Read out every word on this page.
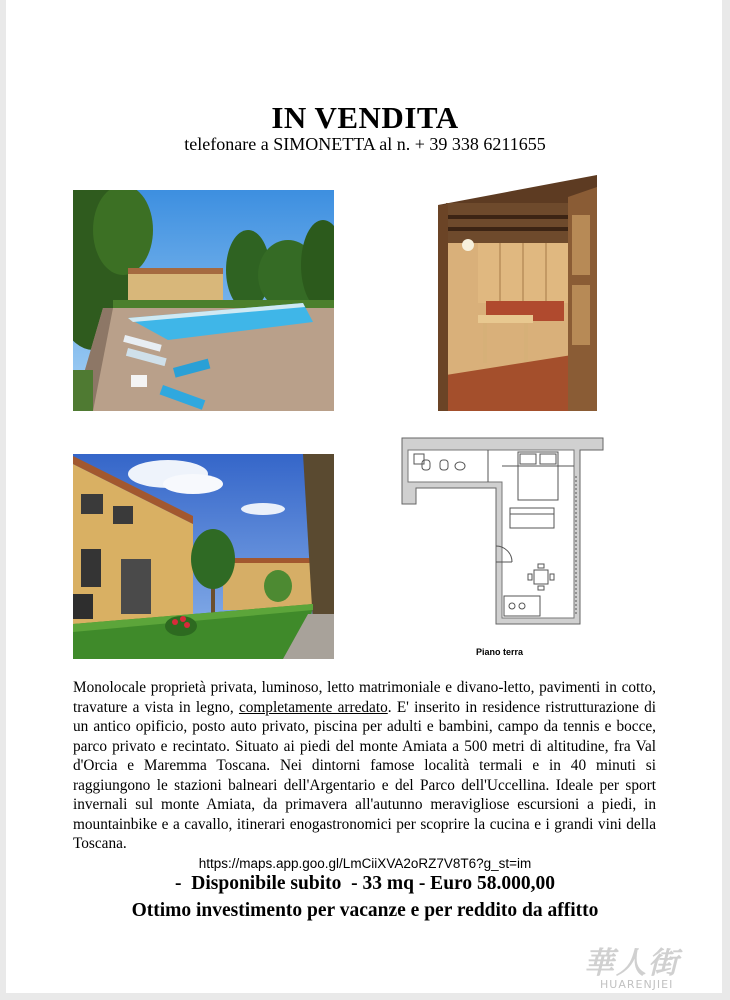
IN VENDITA
telefonare a SIMONETTA al n. + 39 338 6211655
Piano terra
Monolocale proprietà privata, luminoso, letto matrimoniale e divano-letto, pavimenti in cotto, travature a vista in legno, completamente arredato. E' inserito in residence ristrutturazione di un antico opificio, posto auto privato, piscina per adulti e bambini, campo da tennis e bocce, parco privato e recintato. Situato ai piedi del monte Amiata a 500 metri di altitudine, fra Val d'Orcia e Maremma Toscana. Nei dintorni famose località termali e in 40 minuti si raggiungono le stazioni balneari dell'Argentario e del Parco dell'Uccellina. Ideale per sport invernali sul monte Amiata, da primavera all'autunno meravigliose escursioni a piedi, in mountainbike e a cavallo, itinerari enogastronomici per scoprire la cucina e i grandi vini della Toscana.
https://maps.app.goo.gl/LmCiiXVA2oRZ7V8T6?g_st=im
-  Disponibile subito  - 33 mq - Euro 58.000,00
Ottimo investimento per vacanze e per reddito da affitto
華人街
HUARENJIEI
